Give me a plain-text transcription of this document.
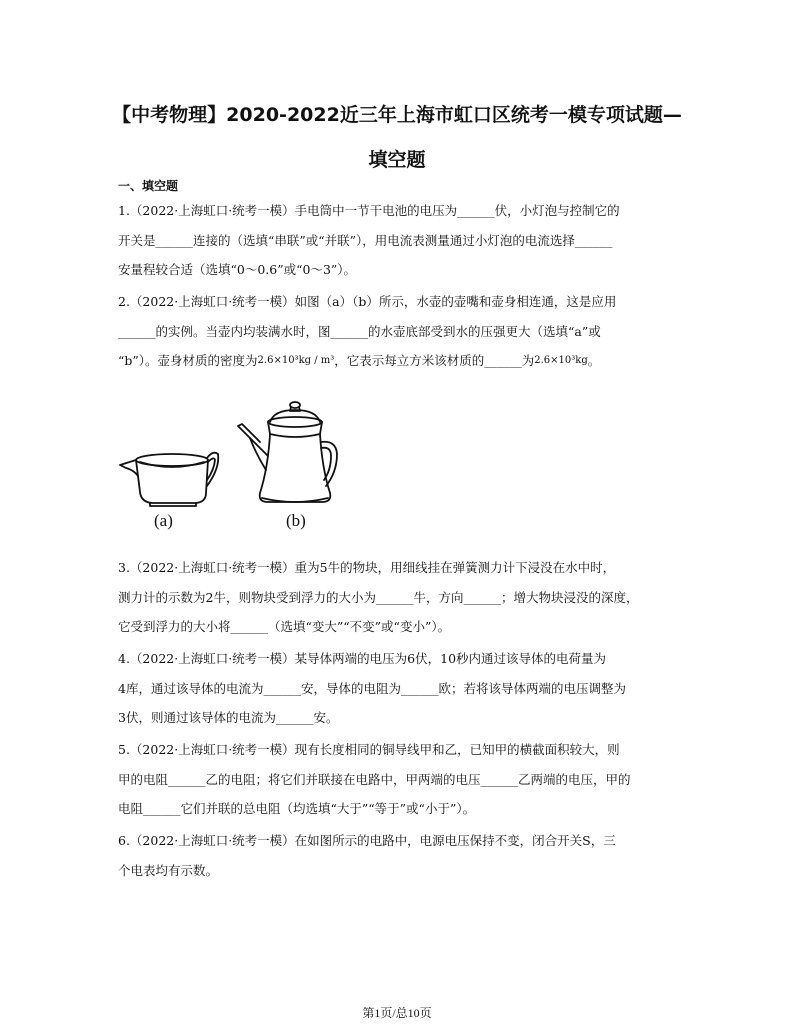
【中考物理】2020-2022近三年上海市虹口区统考一模专项试题—
填空题
一、填空题
1.（2022·上海虹口·统考一模）手电筒中一节干电池的电压为______伏，小灯泡与控制它的
开关是______连接的（选填“串联”或“并联”），用电流表测量通过小灯泡的电流选择______
安量程较合适（选填“0～0.6”或“0～3”）。
2.（2022·上海虹口·统考一模）如图（a）（b）所示，水壶的壶嘴和壶身相连通，这是应用
______的实例。当壶内均装满水时，图______的水壶底部受到水的压强更大（选填“a”或
“b”）。壶身材质的密度为2.6×10³kg / m³，它表示每立方米该材质的______为2.6×10³kg。
(a)	(b)
3.（2022·上海虹口·统考一模）重为5牛的物块，用细线挂在弹簧测力计下浸没在水中时，
测力计的示数为2牛，则物块受到浮力的大小为______牛，方向______；增大物块浸没的深度，
它受到浮力的大小将______（选填“变大”“不变”或“变小”）。
4.（2022·上海虹口·统考一模）某导体两端的电压为6伏，10秒内通过该导体的电荷量为
4库，通过该导体的电流为______安，导体的电阻为______欧；若将该导体两端的电压调整为
3伏，则通过该导体的电流为______安。
5.（2022·上海虹口·统考一模）现有长度相同的铜导线甲和乙，已知甲的横截面积较大，则
甲的电阻______乙的电阻；将它们并联接在电路中，甲两端的电压______乙两端的电压，甲的
电阻______它们并联的总电阻（均选填“大于”“等于”或“小于”）。
6.（2022·上海虹口·统考一模）在如图所示的电路中，电源电压保持不变，闭合开关S，三
个电表均有示数。
第1页/总10页
